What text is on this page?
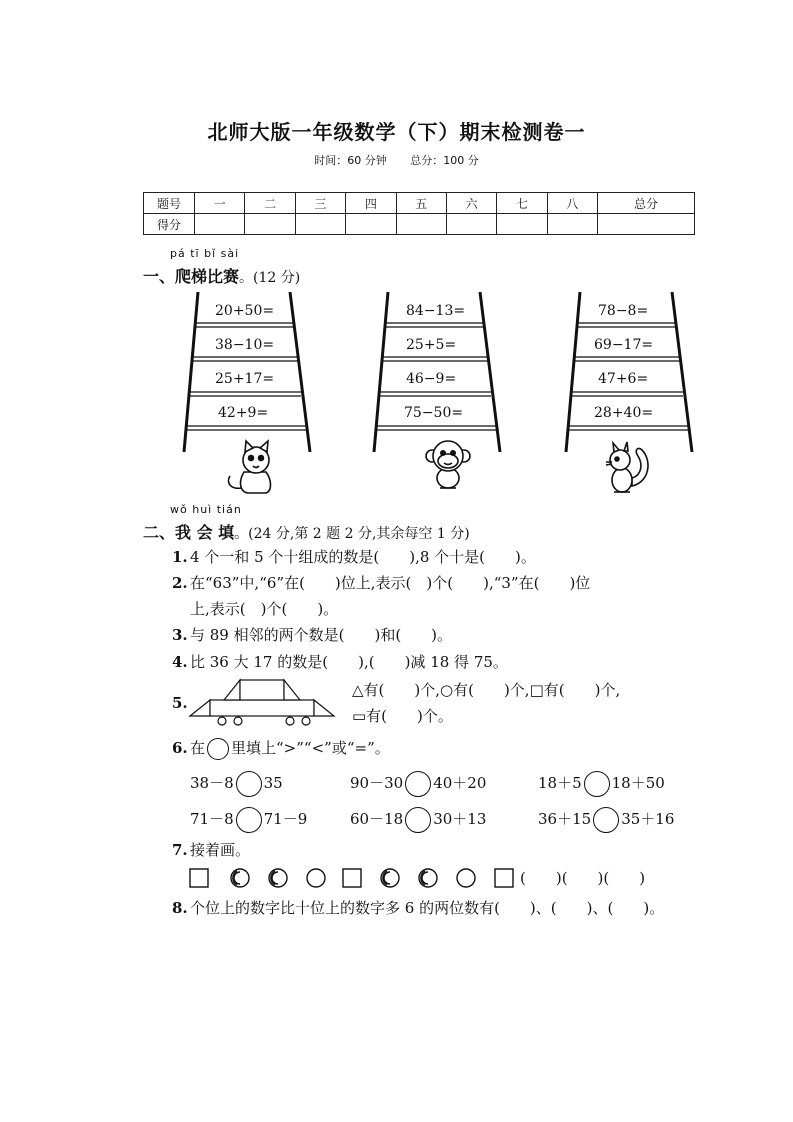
北师大版一年级数学（下）期末检测卷一
时间：60 分钟 总分：100 分
题号	一	二	三	四	五	六	七	八	总分
得分									
pá tī bǐ sài
一、爬梯比赛。(12 分)
20+50=
38−10=
25+17=
42+9=
84−13=
25+5=
46−9=
75−50=
78−8=
69−17=
47+6=
28+40=
wǒ huì tián
二、我 会 填。(24 分,第 2 题 2 分,其余每空 1 分)
1. 4 个一和 5 个十组成的数是(　　),8 个十是(　　)。
2. 在“63”中,“6”在(　　)位上,表示(　)个(　　),“3”在(　　)位
上,表示(　)个(　　)。
3. 与 89 相邻的两个数是(　　)和(　　)。
4. 比 36 大 17 的数是(　　),(　　)减 18 得 75。
5.
△有(　　)个,○有(　　)个,□有(　　)个,
▭有(　　)个。
6. 在 里填上“>”“<”或“=”。
38－8 35	90－30 40＋20	18＋5 18＋50
71－8 71－9	60－18 30＋13	36＋15 35＋16
7. 接着画。
(　　)(　　)(　　)
8. 个位上的数字比十位上的数字多 6 的两位数有(　　)、(　　)、(　　)。
